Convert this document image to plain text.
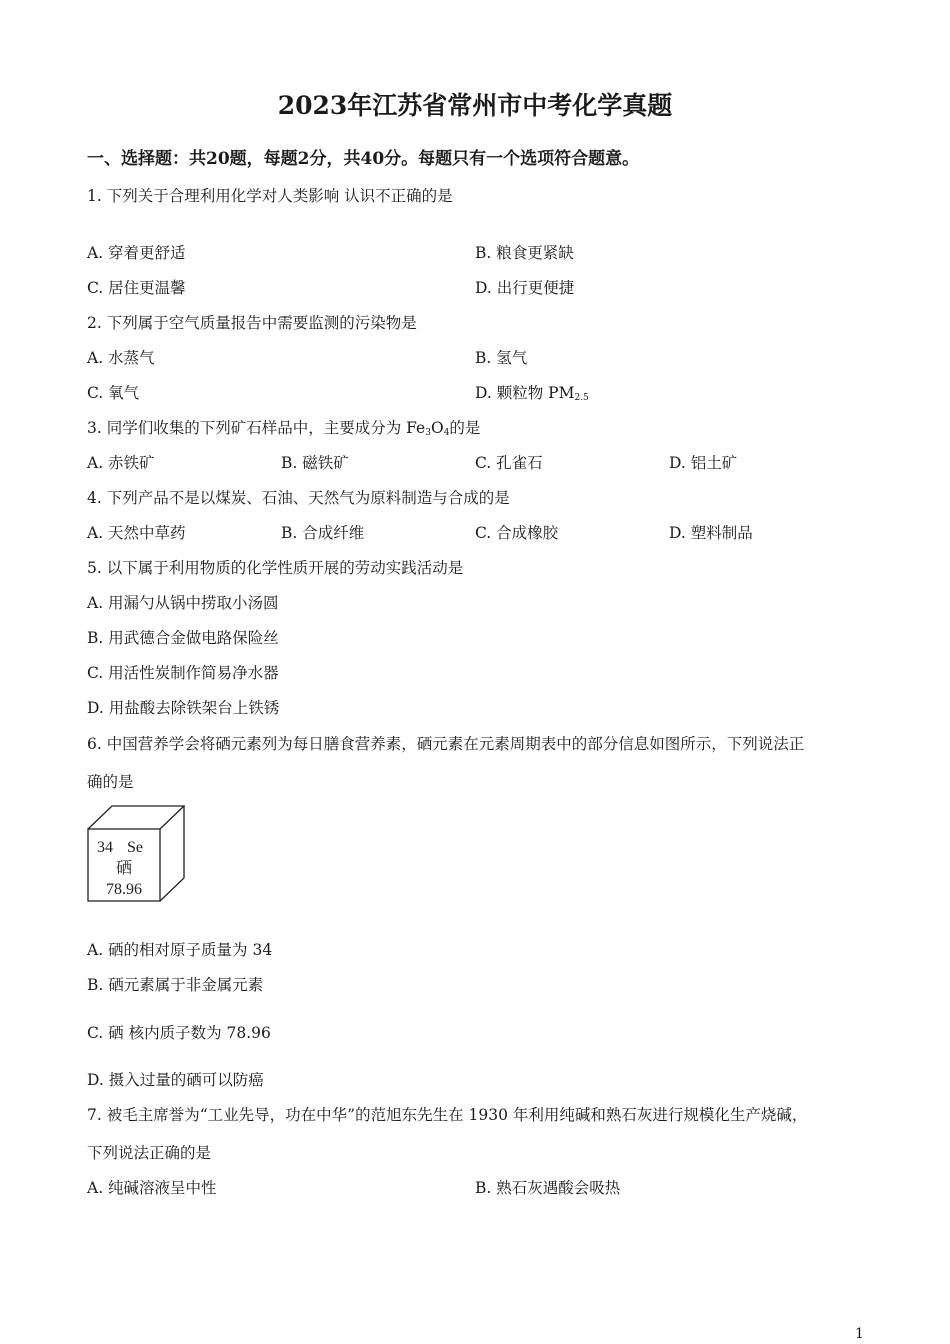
2023年江苏省常州市中考化学真题
一、选择题：共20题，每题2分，共40分。每题只有一个选项符合题意。
1. 下列关于合理利用化学对人类影响 认识不正确的是
A. 穿着更舒适	B. 粮食更紧缺
C. 居住更温馨	D. 出行更便捷
2. 下列属于空气质量报告中需要监测的污染物是
A. 水蒸气	B. 氢气
C. 氧气	D. 颗粒物 $PM_{2.5}$
3. 同学们收集的下列矿石样品中，主要成分为 $Fe_3O_4$的是
A. 赤铁矿	B. 磁铁矿	C. 孔雀石	D. 铝土矿
4. 下列产品不是以煤炭、石油、天然气为原料制造与合成的是
A. 天然中草药	B. 合成纤维	C. 合成橡胶	D. 塑料制品
5. 以下属于利用物质的化学性质开展的劳动实践活动是
A. 用漏勺从锅中捞取小汤圆
B. 用武德合金做电路保险丝
C. 用活性炭制作简易净水器
D. 用盐酸去除铁架台上铁锈
6. 中国营养学会将硒元素列为每日膳食营养素，硒元素在元素周期表中的部分信息如图所示，下列说法正
确的是
34 Se
硒
78.96
A. 硒的相对原子质量为 34
B. 硒元素属于非金属元素
C. 硒 核内质子数为 78.96
D. 摄入过量的硒可以防癌
7. 被毛主席誉为“工业先导，功在中华”的范旭东先生在 1930 年利用纯碱和熟石灰进行规模化生产烧碱，
下列说法正确的是
A. 纯碱溶液呈中性	B. 熟石灰遇酸会吸热
1
